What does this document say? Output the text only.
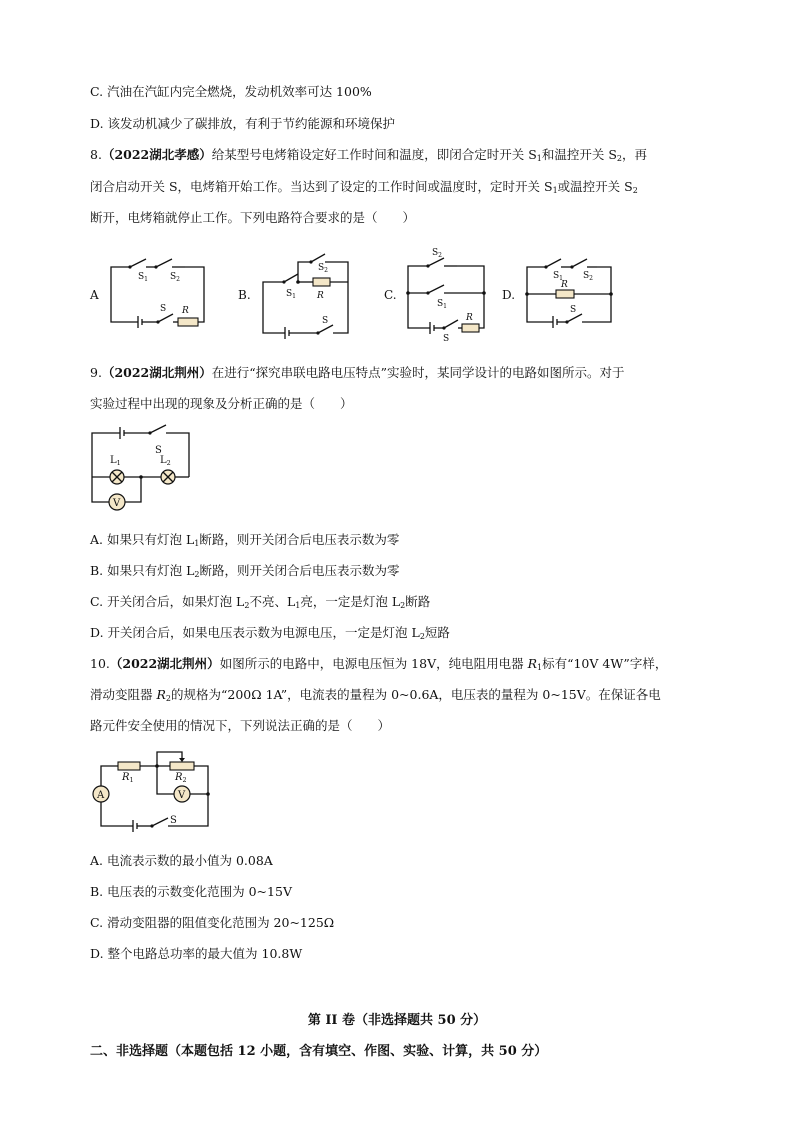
C. 汽油在汽缸内完全燃烧，发动机效率可达 100%
D. 该发动机减少了碳排放，有利于节约能源和环境保护
8.（2022湖北孝感）给某型号电烤箱设定好工作时间和温度，即闭合定时开关 $S_1$和温控开关 $S_2$，再
闭合启动开关 S，电烤箱开始工作。当达到了设定的工作时间或温度时，定时开关 $S_1$或温控开关 $S_2$
断开，电烤箱就停止工作。下列电路符合要求的是（　　）
A
$S_1$ $S_2$
S R
B.	$S_1$
$S_2$
R
S
C.
$S_2$
$S_1$
S
R
D.
$S_1$ $S_2$
R
S
9.（2022湖北荆州）在进行“探究串联电路电压特点”实验时，某同学设计的电路如图所示。对于
实验过程中出现的现象及分析正确的是（　　）
V
S
$L_1$	$L_2$
A. 如果只有灯泡 $L_1$断路，则开关闭合后电压表示数为零
B. 如果只有灯泡 $L_2$断路，则开关闭合后电压表示数为零
C. 开关闭合后，如果灯泡 $L_2$不亮、$L_1$亮，一定是灯泡 $L_2$断路
D. 开关闭合后，如果电压表示数为电源电压，一定是灯泡 $L_2$短路
10.（2022湖北荆州）如图所示的电路中，电源电压恒为 18V，纯电阻用电器 $R_1$标有“10V 4W”字样，
滑动变阻器 $R_2$的规格为“200Ω 1A”，电流表的量程为 0~0.6A，电压表的量程为 0~15V。在保证各电
路元件安全使用的情况下，下列说法正确的是（　　）
V
A
$R_1$	$R_2$
S
A. 电流表示数的最小值为 0.08A
B. 电压表的示数变化范围为 0~15V
C. 滑动变阻器的阻值变化范围为 20~125Ω
D. 整个电路总功率的最大值为 10.8W
第 II 卷（非选择题共 50 分）
二、非选择题（本题包括 12 小题，含有填空、作图、实验、计算，共 50 分）
